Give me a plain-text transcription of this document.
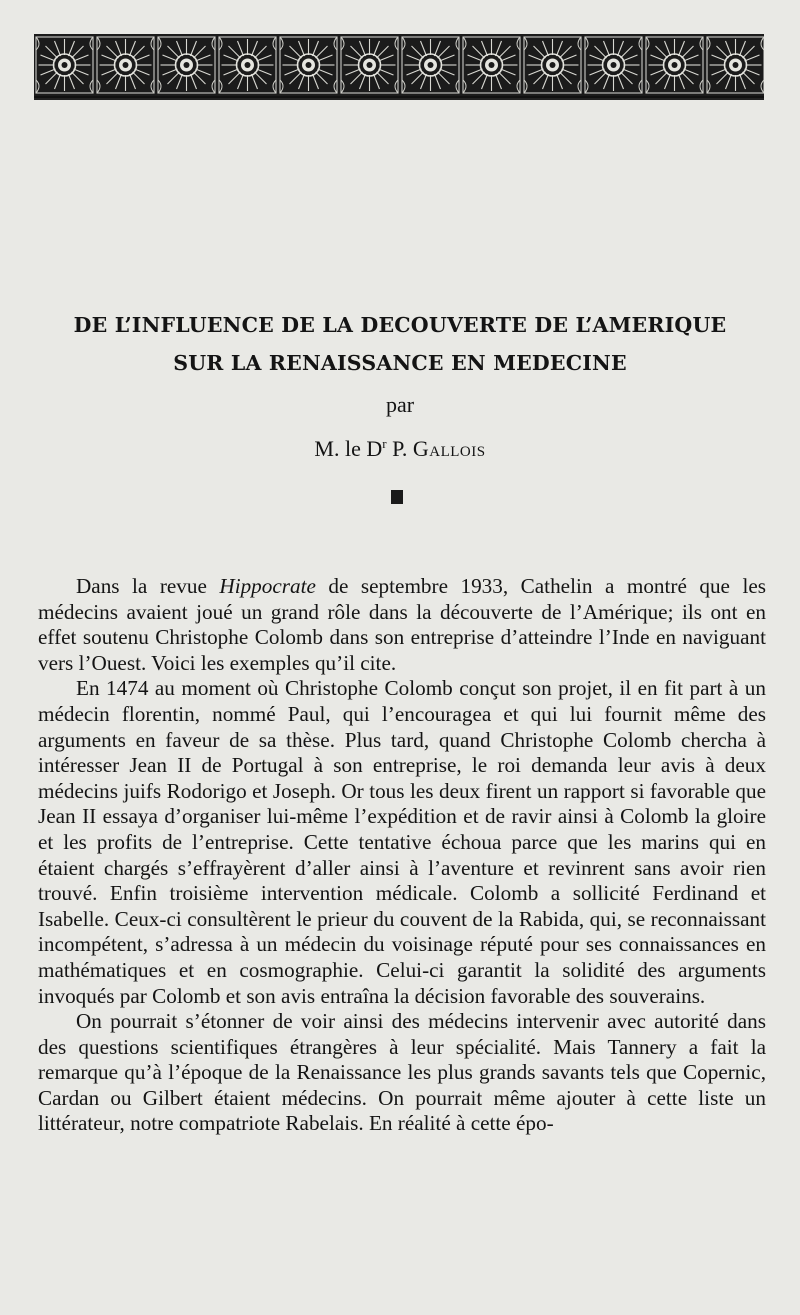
DE L’INFLUENCE DE LA DECOUVERTE DE L’AMERIQUE

SUR LA RENAISSANCE EN MEDECINE

par
M. le $D^r$ P. Gallois

Dans la revue Hippocrate de septembre 1933, Cathelin a montré que les médecins avaient joué un grand rôle dans la découverte de l’Amérique; ils ont en effet soutenu Christophe Colomb dans son entreprise d’atteindre l’Inde en naviguant vers l’Ouest. Voici les exemples qu’il cite.

En 1474 au moment où Christophe Colomb conçut son projet, il en fit part à un médecin florentin, nommé Paul, qui l’encouragea et qui lui fournit même des arguments en faveur de sa thèse. Plus tard, quand Christophe Colomb chercha à intéresser Jean II de Portugal à son entreprise, le roi demanda leur avis à deux médecins juifs Rodorigo et Joseph. Or tous les deux firent un rapport si favorable que Jean II essaya d’organiser lui-même l’expédition et de ravir ainsi à Colomb la gloire et les profits de l’entreprise. Cette tentative échoua parce que les marins qui en étaient chargés s’effrayèrent d’aller ainsi à l’aventure et revinrent sans avoir rien trouvé. Enfin troisième intervention médicale. Colomb a sollicité Ferdinand et Isabelle. Ceux-ci consultèrent le prieur du couvent de la Rabida, qui, se reconnaissant incompétent, s’adressa à un médecin du voisinage réputé pour ses connaissances en mathématiques et en cosmographie. Celui-ci garantit la solidité des arguments invoqués par Colomb et son avis entraîna la décision favorable des souverains.

On pourrait s’étonner de voir ainsi des médecins intervenir avec autorité dans des questions scientifiques étrangères à leur spécialité. Mais Tannery a fait la remarque qu’à l’époque de la Renaissance les plus grands savants tels que Copernic, Cardan ou Gilbert étaient médecins. On pourrait même ajouter à cette liste un littérateur, notre compatriote Rabelais. En réalité à cette épo-
